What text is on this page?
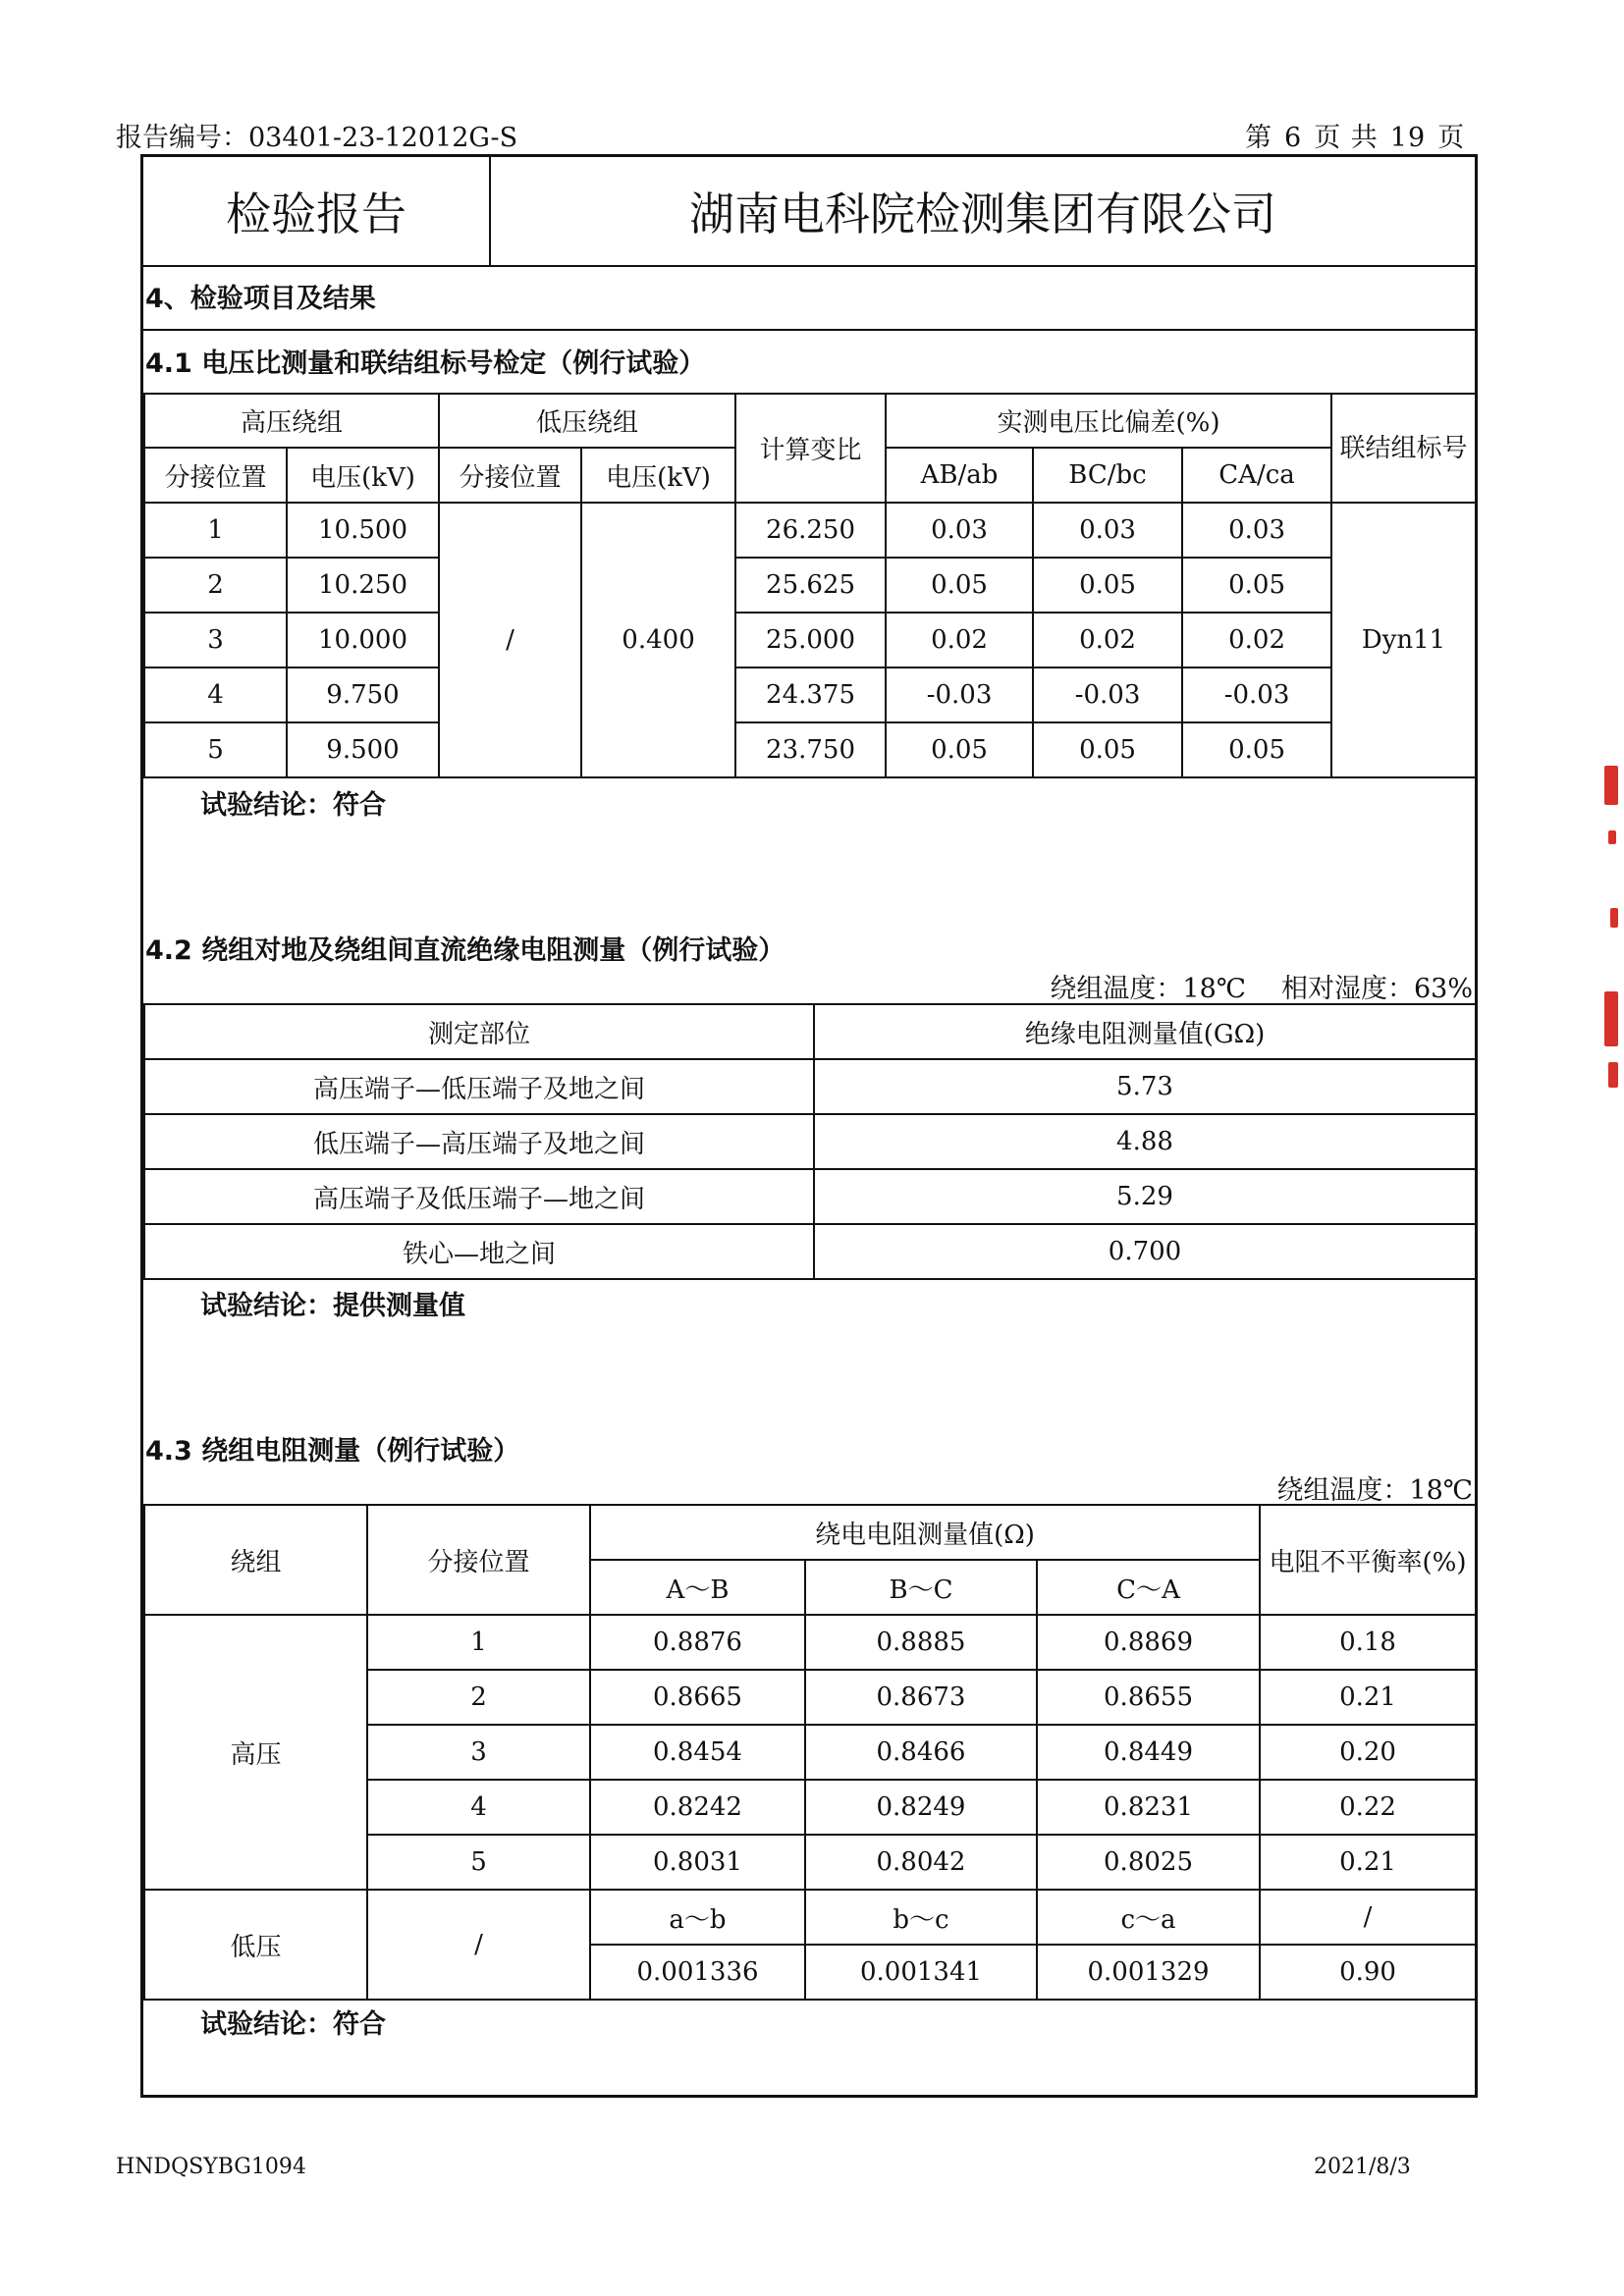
报告编号：03401-23-12012G-S	第 6 页 共 19 页
检验报告	湖南电科院检测集团有限公司
4、检验项目及结果
4.1 电压比测量和联结组标号检定（例行试验）
高压绕组		低压绕组		计算变比	实测电压比偏差(%)			联结组标号
分接位置	电压(kV)	分接位置	电压(kV)		AB/ab	BC/bc	CA/ca	
1	10.500	/	0.400	26.250	0.03	0.03	0.03	Dyn11
2	10.250			25.625	0.05	0.05	0.05	
3	10.000			25.000	0.02	0.02	0.02	
4	9.750			24.375	-0.03	-0.03	-0.03	
5	9.500			23.750	0.05	0.05	0.05	
试验结论：符合
4.2 绕组对地及绕组间直流绝缘电阻测量（例行试验）
绕组温度：18℃ 相对湿度：63%
测定部位	绝缘电阻测量值(GΩ)
高压端子—低压端子及地之间	5.73
低压端子—高压端子及地之间	4.88
高压端子及低压端子—地之间	5.29
铁心—地之间	0.700
试验结论：提供测量值
4.3 绕组电阻测量（例行试验）
绕组温度：18℃
绕组	分接位置	绕电电阻测量值(Ω)			电阻不平衡率(%)
		A～B	B～C	C～A	
高压	1	0.8876	0.8885	0.8869	0.18
	2	0.8665	0.8673	0.8655	0.21
	3	0.8454	0.8466	0.8449	0.20
	4	0.8242	0.8249	0.8231	0.22
	5	0.8031	0.8042	0.8025	0.21
低压	/	a～b	b～c	c～a	/
		0.001336	0.001341	0.001329	0.90
试验结论：符合
HNDQSYBG1094	2021/8/3
